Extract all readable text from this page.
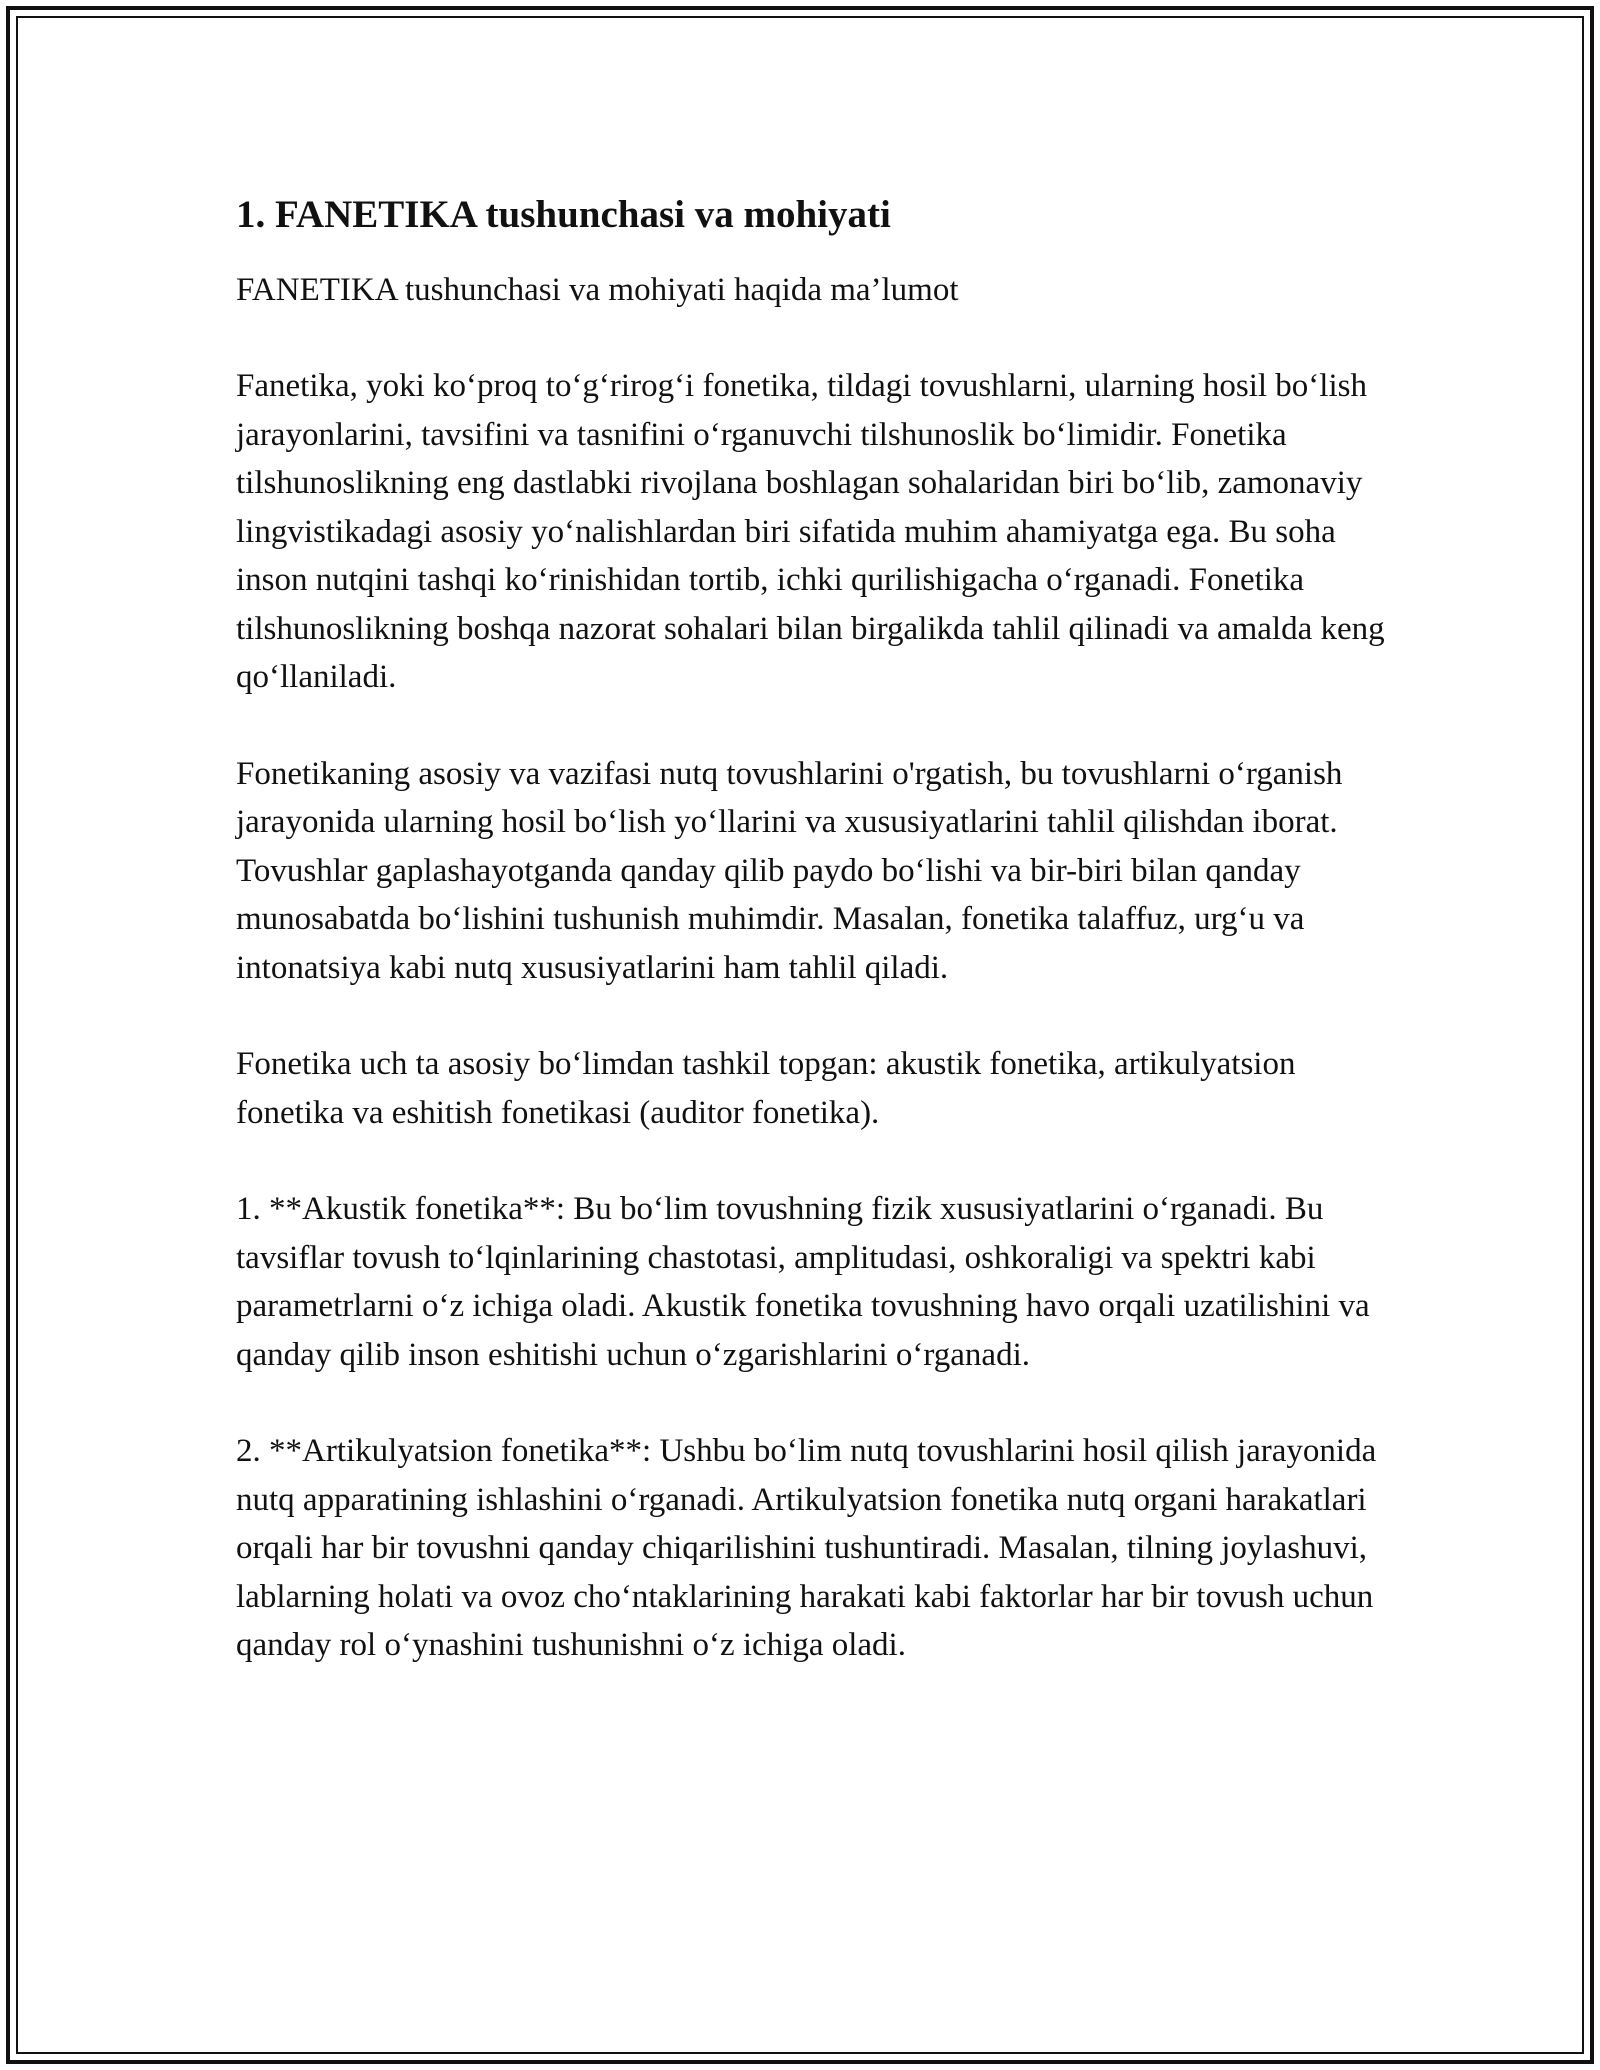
1. FANETIKA tushunchasi va mohiyati

FANETIKA tushunchasi va mohiyati haqida ma’lumot

Fanetika, yoki ko‘proq to‘g‘rirog‘i fonetika, tildagi tovushlarni, ularning hosil bo‘lish jarayonlarini, tavsifini va tasnifini o‘rganuvchi tilshunoslik bo‘limidir. Fonetika tilshunoslikning eng dastlabki rivojlana boshlagan sohalaridan biri bo‘lib, zamonaviy lingvistikadagi asosiy yo‘nalishlardan biri sifatida muhim ahamiyatga ega. Bu soha inson nutqini tashqi ko‘rinishidan tortib, ichki qurilishigacha o‘rganadi. Fonetika tilshunoslikning boshqa nazorat sohalari bilan birgalikda tahlil qilinadi va amalda keng qo‘llaniladi.

Fonetikaning asosiy va vazifasi nutq tovushlarini o'rgatish, bu tovushlarni o‘rganish jarayonida ularning hosil bo‘lish yo‘llarini va xususiyatlarini tahlil qilishdan iborat. Tovushlar gaplashayotganda qanday qilib paydo bo‘lishi va bir-biri bilan qanday munosabatda bo‘lishini tushunish muhimdir. Masalan, fonetika talaffuz, urg‘u va intonatsiya kabi nutq xususiyatlarini ham tahlil qiladi.

Fonetika uch ta asosiy bo‘limdan tashkil topgan: akustik fonetika, artikulyatsion fonetika va eshitish fonetikasi (auditor fonetika).

1. **Akustik fonetika**: Bu bo‘lim tovushning fizik xususiyatlarini o‘rganadi. Bu tavsiflar tovush to‘lqinlarining chastotasi, amplitudasi, oshkoraligi va spektri kabi parametrlarni o‘z ichiga oladi. Akustik fonetika tovushning havo orqali uzatilishini va qanday qilib inson eshitishi uchun o‘zgarishlarini o‘rganadi.

2. **Artikulyatsion fonetika**: Ushbu bo‘lim nutq tovushlarini hosil qilish jarayonida nutq apparatining ishlashini o‘rganadi. Artikulyatsion fonetika nutq organi harakatlari orqali har bir tovushni qanday chiqarilishini tushuntiradi. Masalan, tilning joylashuvi, lablarning holati va ovoz cho‘ntaklarining harakati kabi faktorlar har bir tovush uchun qanday rol o‘ynashini tushunishni o‘z ichiga oladi.
